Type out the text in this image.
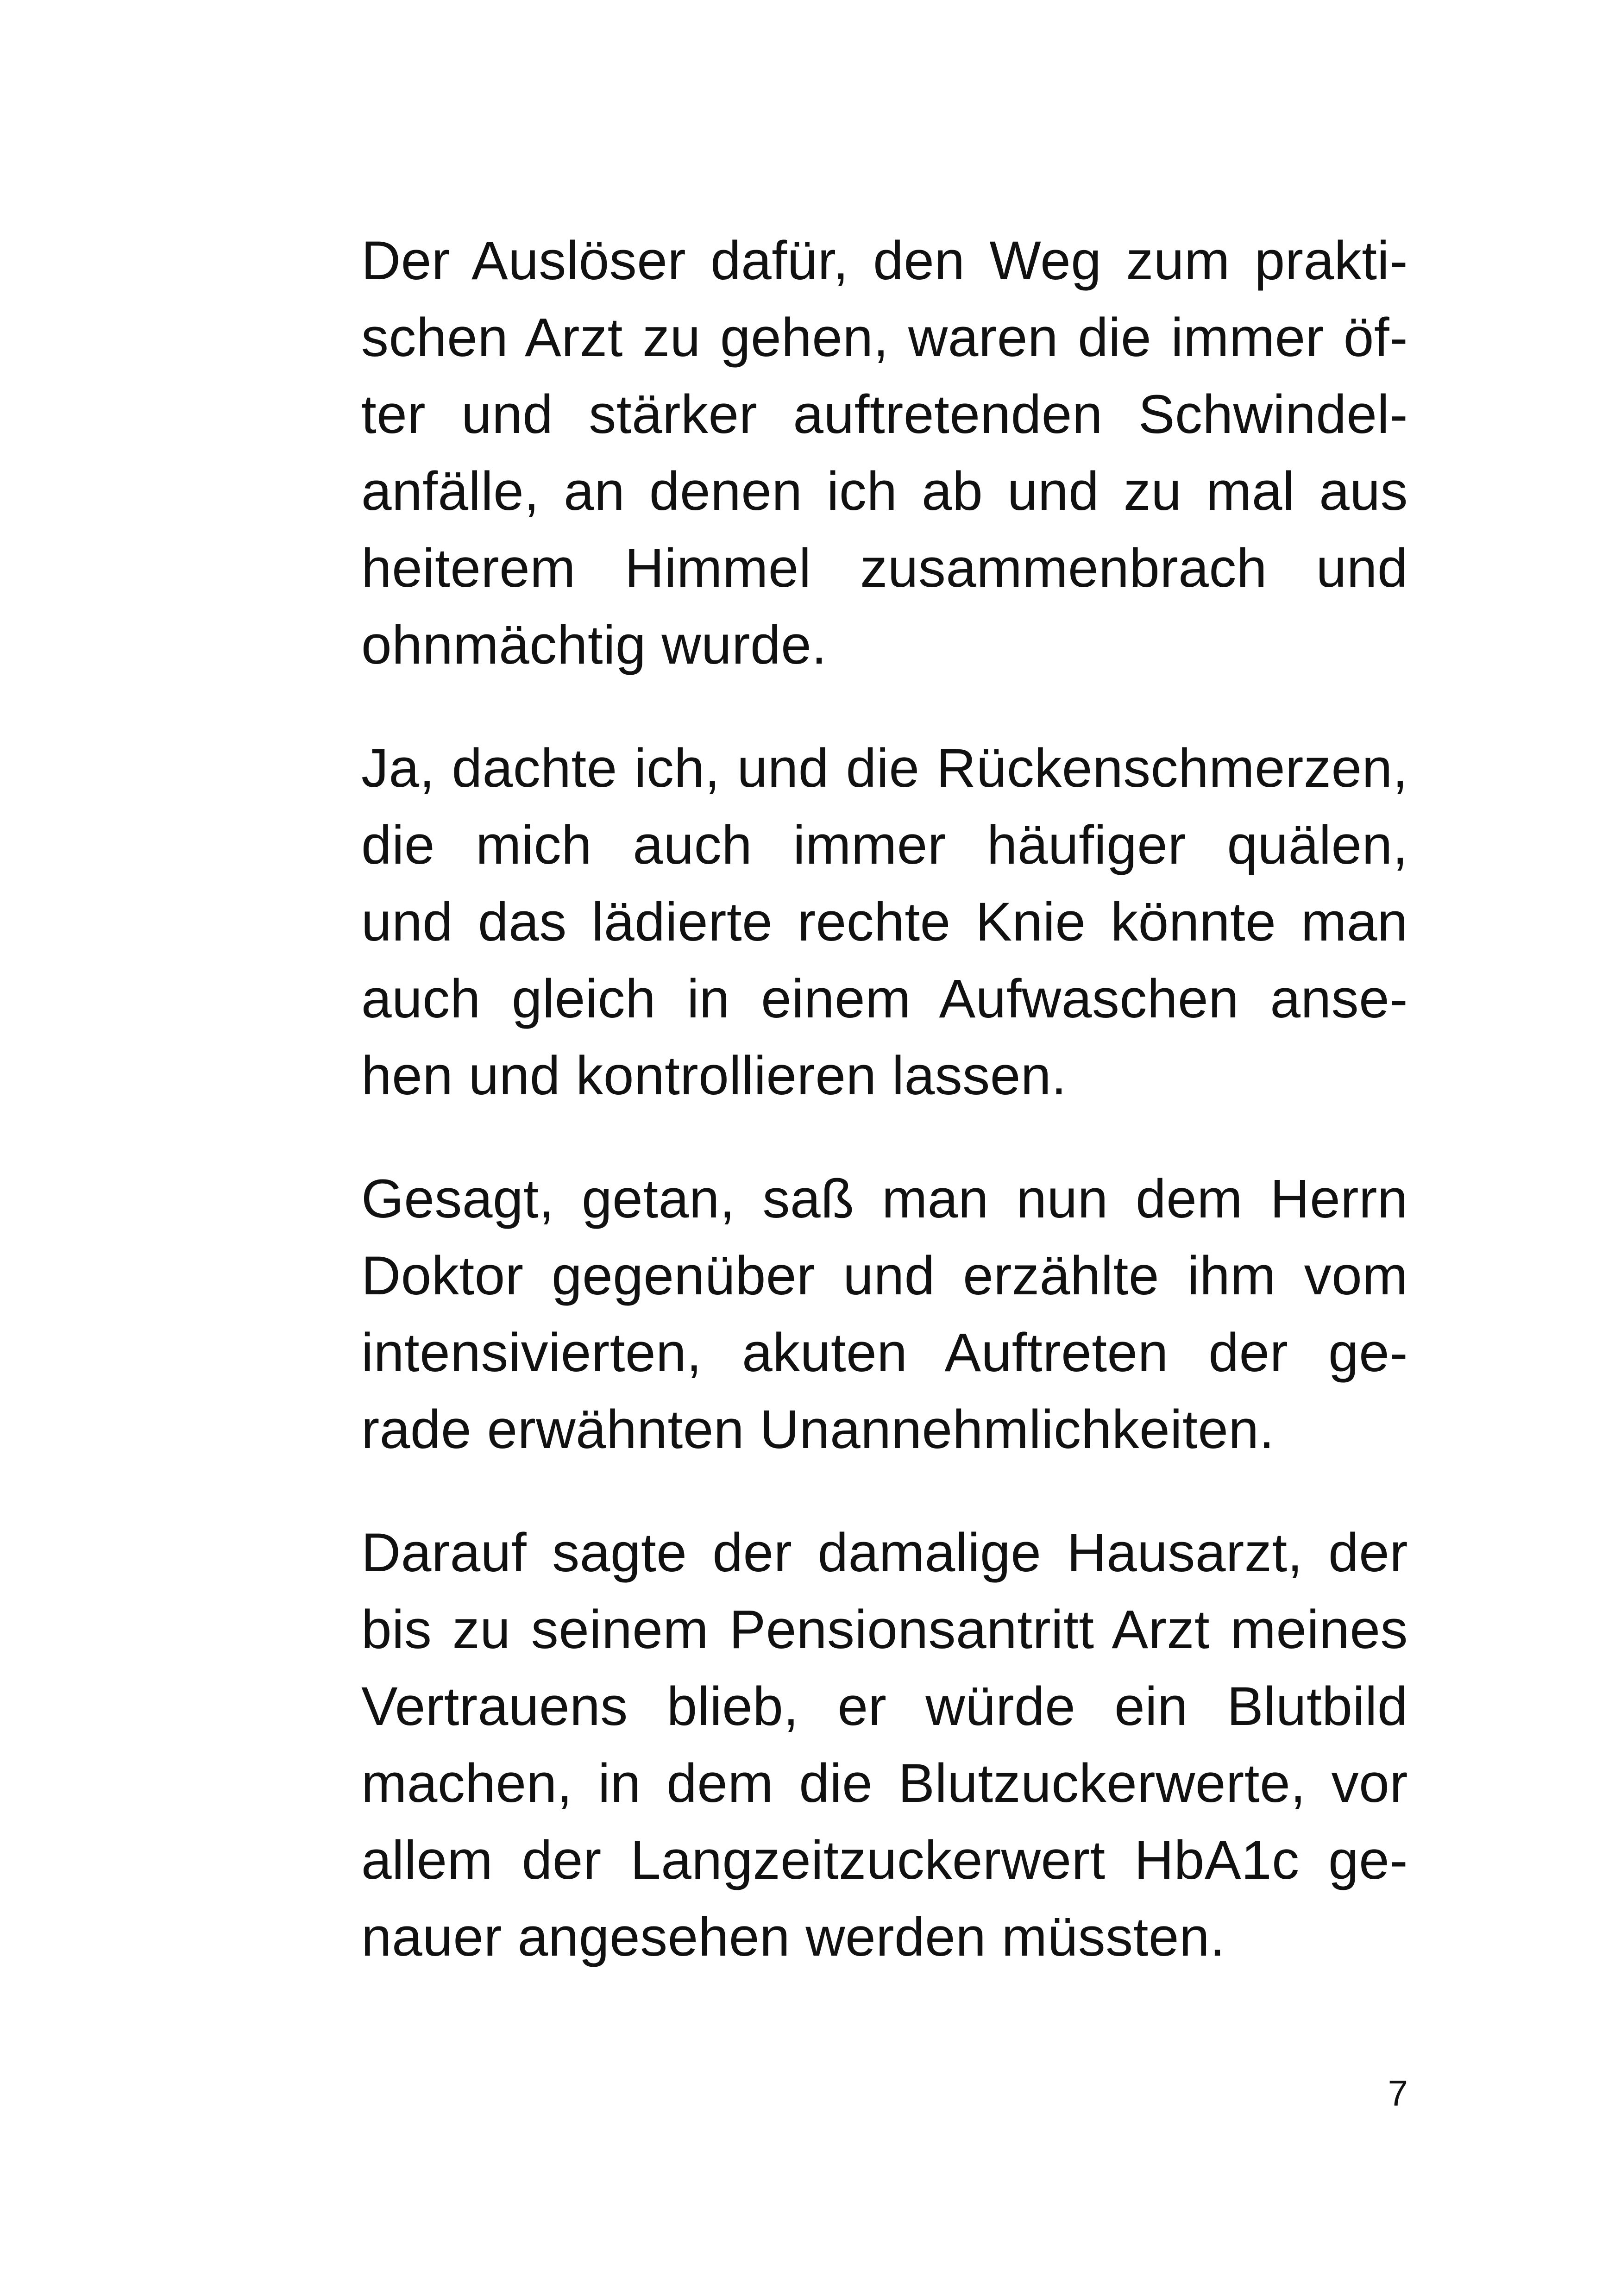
Der Auslöser dafür, den Weg zum prakti-
schen Arzt zu gehen, waren die immer öf-
ter und stärker auftretenden Schwindel-
anfälle, an denen ich ab und zu mal aus
heiterem Himmel zusammenbrach und
ohnmächtig wurde.

Ja, dachte ich, und die Rückenschmerzen,
die mich auch immer häufiger quälen,
und das lädierte rechte Knie könnte man
auch gleich in einem Aufwaschen anse-
hen und kontrollieren lassen.

Gesagt, getan, saß man nun dem Herrn
Doktor gegenüber und erzählte ihm vom
intensivierten, akuten Auftreten der ge-
rade erwähnten Unannehmlichkeiten.

Darauf sagte der damalige Hausarzt, der
bis zu seinem Pensionsantritt Arzt meines
Vertrauens blieb, er würde ein Blutbild
machen, in dem die Blutzuckerwerte, vor
allem der Langzeitzuckerwert HbA1c ge-
nauer angesehen werden müssten.

7
